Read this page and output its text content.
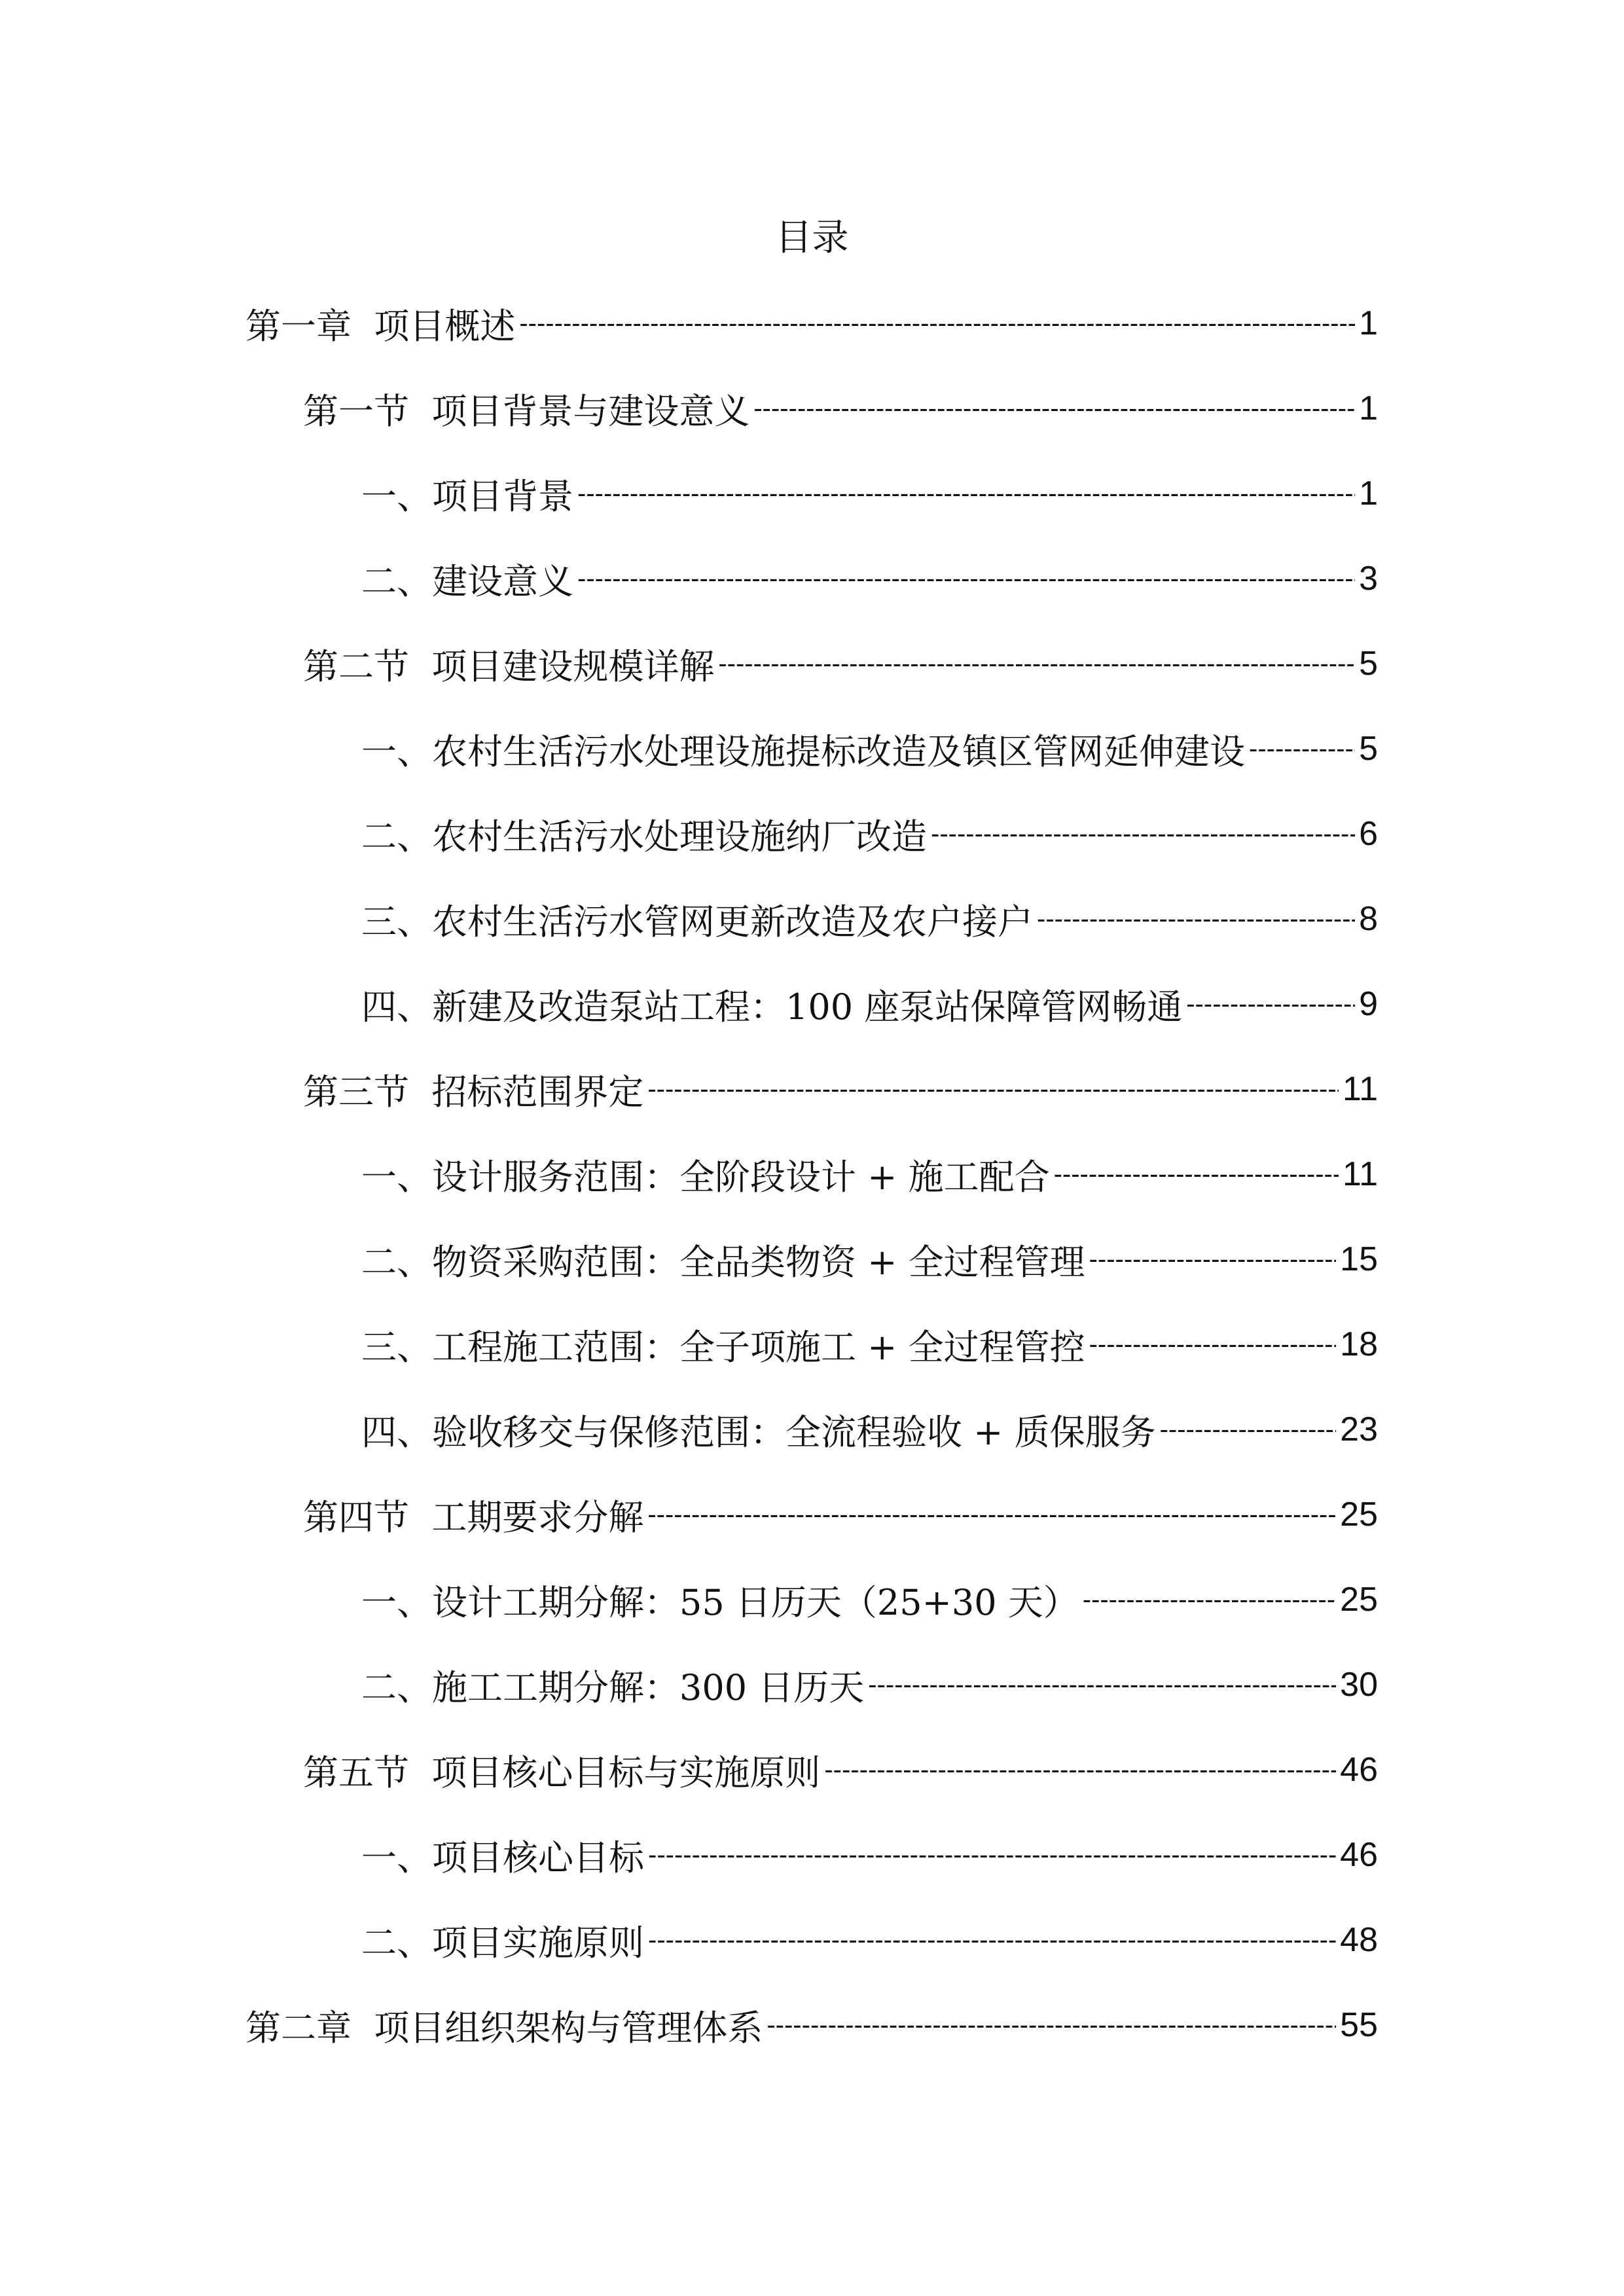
目录
第一章  项目概述 -----	1
第一节  项目背景与建设意义 -----	1
一、项目背景 -----	1
二、建设意义 -----	3
第二节  项目建设规模详解 -----	5
一、农村生活污水处理设施提标改造及镇区管网延伸建设 -----	5
二、农村生活污水处理设施纳厂改造 -----	6
三、农村生活污水管网更新改造及农户接户 -----	8
四、新建及改造泵站工程：100 座泵站保障管网畅通 -----	9
第三节  招标范围界定 -----	11
一、设计服务范围：全阶段设计 + 施工配合 -----	11
二、物资采购范围：全品类物资 + 全过程管理 -----	15
三、工程施工范围：全子项施工 + 全过程管控 -----	18
四、验收移交与保修范围：全流程验收 + 质保服务 -----	23
第四节  工期要求分解 -----	25
一、设计工期分解：55 日历天（25+30 天） -----	25
二、施工工期分解：300 日历天 -----	30
第五节  项目核心目标与实施原则 -----	46
一、项目核心目标 -----	46
二、项目实施原则 -----	48
第二章  项目组织架构与管理体系 -----	55
